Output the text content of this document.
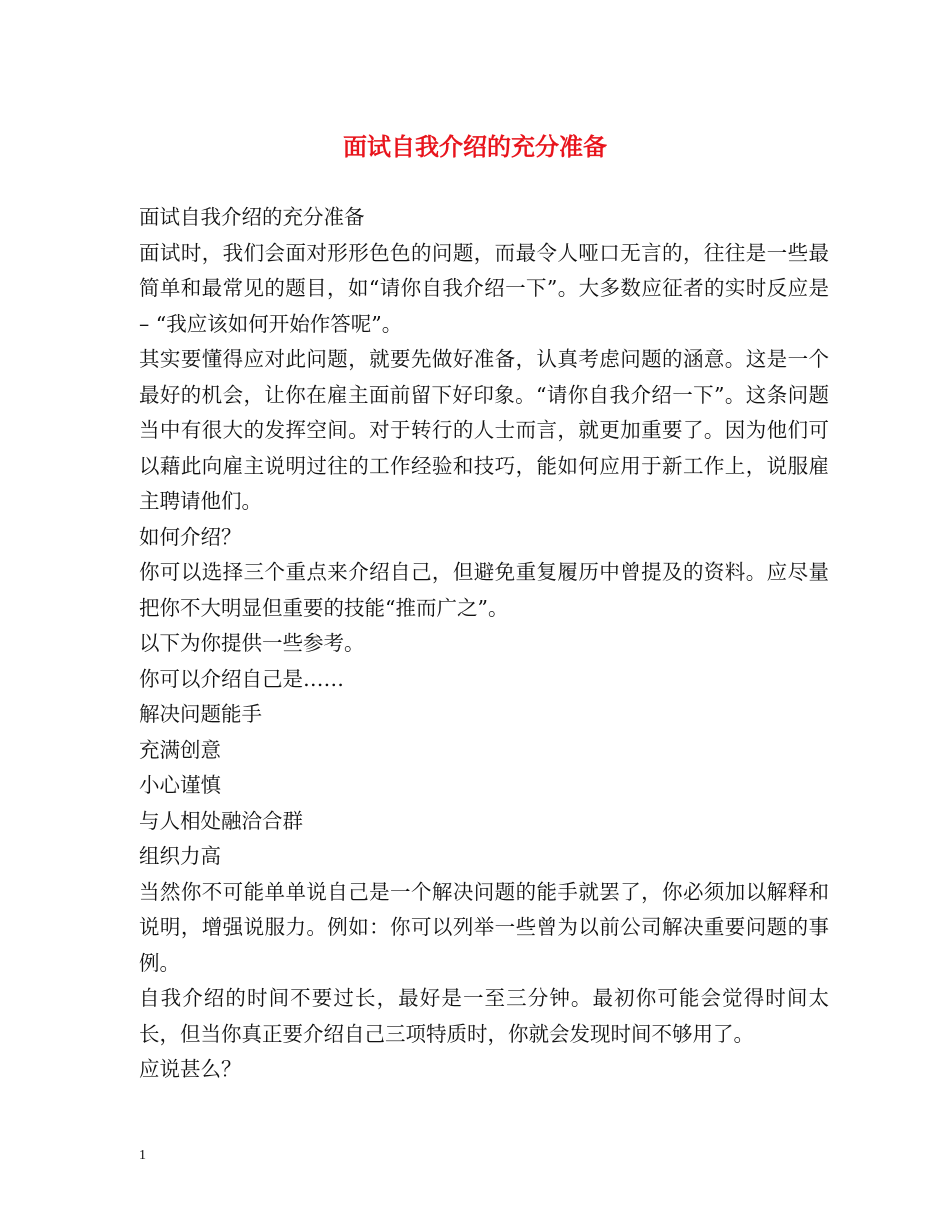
面试自我介绍的充分准备

面试自我介绍的充分准备

面试时，我们会面对形形色色的问题，而最令人哑口无言的，往往是一些最简单和最常见的题目，如“请你自我介绍一下”。大多数应征者的实时反应是 – “我应该如何开始作答呢”。

其实要懂得应对此问题，就要先做好准备，认真考虑问题的涵意。这是一个最好的机会，让你在雇主面前留下好印象。“请你自我介绍一下”。这条问题当中有很大的发挥空间。对于转行的人士而言，就更加重要了。因为他们可以藉此向雇主说明过往的工作经验和技巧，能如何应用于新工作上，说服雇主聘请他们。

如何介绍？

你可以选择三个重点来介绍自己，但避免重复履历中曾提及的资料。应尽量把你不大明显但重要的技能“推而广之”。

以下为你提供一些参考。

你可以介绍自己是……

解决问题能手

充满创意

小心谨慎

与人相处融洽合群

组织力高

当然你不可能单单说自己是一个解决问题的能手就罢了，你必须加以解释和说明，增强说服力。例如：你可以列举一些曾为以前公司解决重要问题的事例。

自我介绍的时间不要过长，最好是一至三分钟。最初你可能会觉得时间太长，但当你真正要介绍自己三项特质时，你就会发现时间不够用了。

应说甚么？

1
